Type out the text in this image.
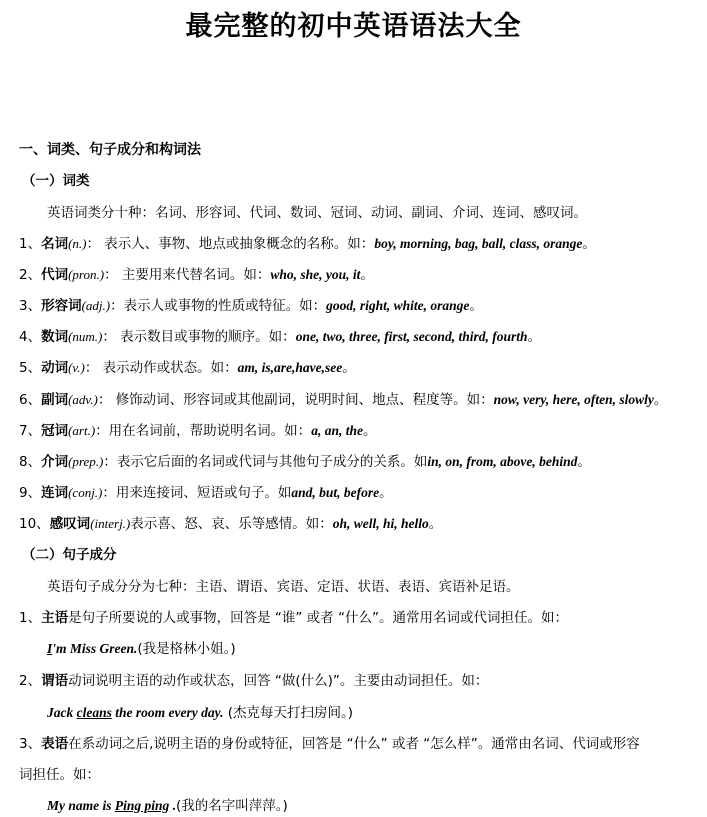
最完整的初中英语语法大全
一、词类、句子成分和构词法
（一）词类
英语词类分十种：名词、形容词、代词、数词、冠词、动词、副词、介词、连词、感叹词。
1、名词(n.)： 表示人、事物、地点或抽象概念的名称。如：boy, morning, bag, ball, class, orange。
2、代词(pron.)： 主要用来代替名词。如：who, she, you, it。
3、形容词(adj.)：表示人或事物的性质或特征。如：good, right, white, orange。
4、数词(num.)： 表示数目或事物的顺序。如：one, two, three, first, second, third, fourth。
5、动词(v.)： 表示动作或状态。如：am, is,are,have,see。
6、副词(adv.)： 修饰动词、形容词或其他副词，说明时间、地点、程度等。如：now, very, here, often, slowly。
7、冠词(art.)：用在名词前，帮助说明名词。如：a, an, the。
8、介词(prep.)：表示它后面的名词或代词与其他句子成分的关系。如in, on, from, above, behind。
9、连词(conj.)：用来连接词、短语或句子。如and, but, before。
10、感叹词(interj.)表示喜、怒、哀、乐等感情。如：oh, well, hi, hello。
（二）句子成分
英语句子成分分为七种：主语、谓语、宾语、定语、状语、表语、宾语补足语。
1、主语是句子所要说的人或事物，回答是 “谁” 或者 “什么”。通常用名词或代词担任。如：
I'm Miss Green.(我是格林小姐。)
2、谓语动词说明主语的动作或状态，回答 “做(什么)”。主要由动词担任。如：
Jack cleans the room every day. (杰克每天打扫房间。)
3、表语在系动词之后,说明主语的身份或特征，回答是 “什么” 或者 “怎么样”。通常由名词、代词或形容
词担任。如：
My name is Ping ping .(我的名字叫萍萍。)
